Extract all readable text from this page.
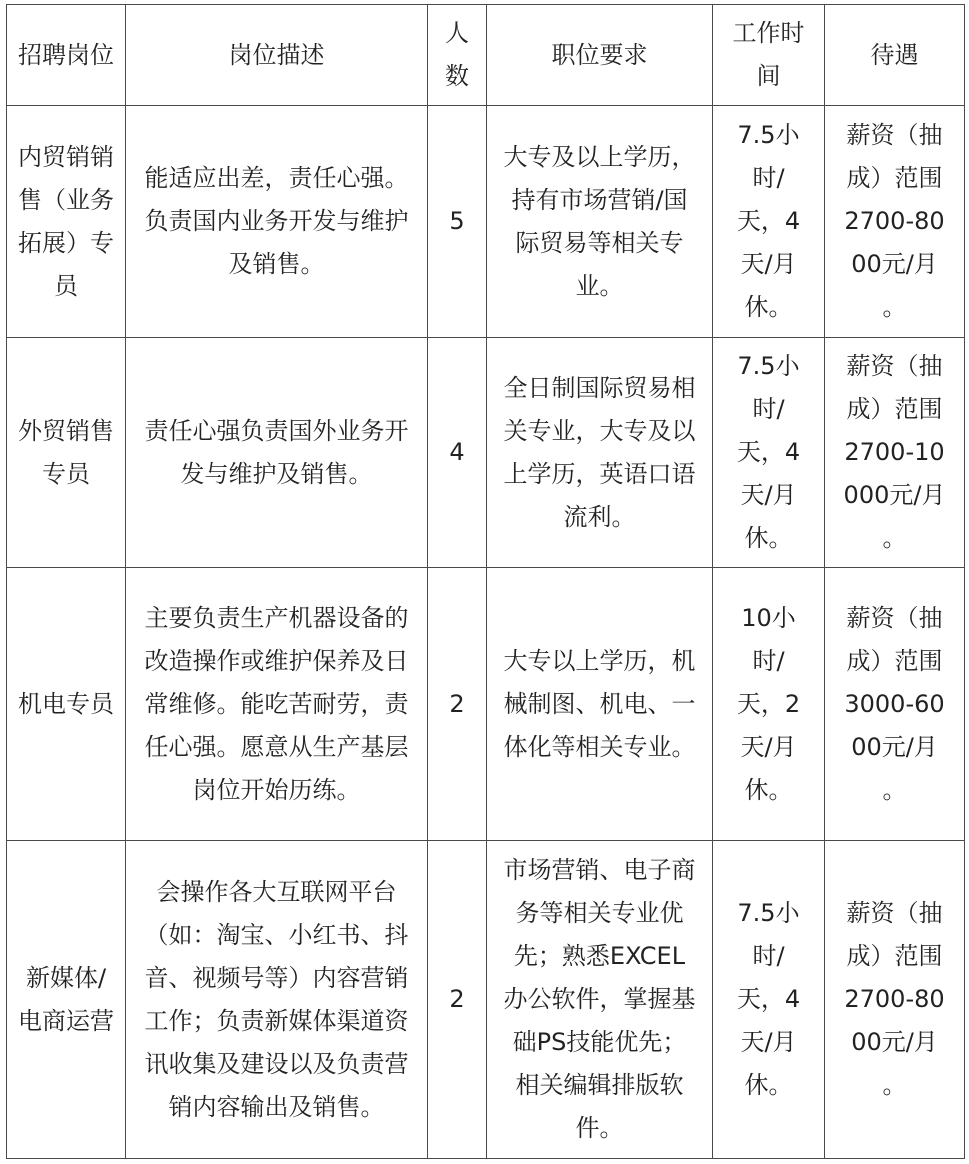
招聘岗位	岗位描述	人数	职位要求	工作时间	待遇

内贸销销售（业务拓展）专员	能适应出差，责任心强。负责国内业务开发与维护及销售。	5	大专及以上学历，持有市场营销/国际贸易等相关专业。	7.5小时/天，4天/月休。	薪资（抽成）范围2700-8000元/月 。

外贸销售专员	责任心强负责国外业务开发与维护及销售。	4	全日制国际贸易相关专业，大专及以上学历，英语口语流利。	7.5小时/天，4天/月休。	薪资（抽成）范围2700-10000元/月 。

机电专员	主要负责生产机器设备的改造操作或维护保养及日常维修。能吃苦耐劳，责任心强。愿意从生产基层岗位开始历练。	2	大专以上学历，机械制图、机电、一体化等相关专业。	10小时/天，2天/月休。	薪资（抽成）范围3000-6000元/月 。

新媒体/电商运营	会操作各大互联网平台（如：淘宝、小红书、抖音、视频号等）内容营销工作；负责新媒体渠道资讯收集及建设以及负责营销内容输出及销售。	2	市场营销、电子商务等相关专业优先；熟悉EXCEL办公软件，掌握基础PS技能优先；相关编辑排版软件。	7.5小时/天，4天/月休。	薪资（抽成）范围2700-8000元/月 。
